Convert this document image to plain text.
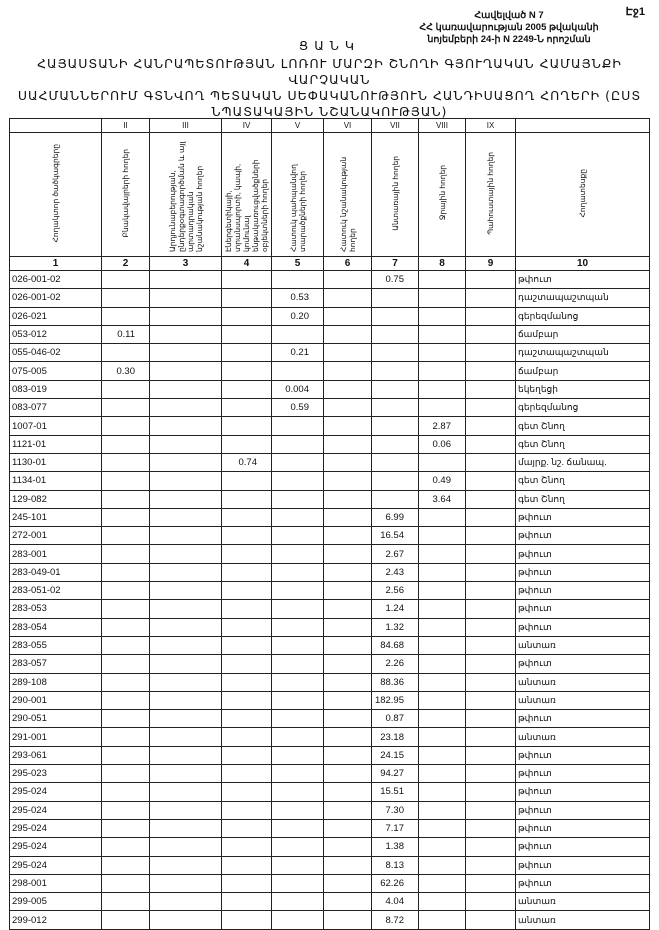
Էջ1
Հավելված N 7
ՀՀ կառավարության 2005 թվականի
նոյեմբերի 24-ի N 2249-Ն որոշման
ՑԱՆԿ
ՀԱՅԱՍՏԱՆԻ ՀԱՆՐԱՊԵՏՈՒԹՅԱՆ ԼՈՌՈՒ ՄԱՐԶԻ ՇՆՈՂԻ ԳՅՈՒՂԱԿԱՆ ՀԱՄԱՅՆՔԻ ՎԱՐՉԱԿԱՆ
ՍԱՀՄԱՆՆԵՐՈՒՄ ԳՏՆՎՈՂ ՊԵՏԱԿԱՆ ՍԵՓԱԿԱՆՈՒԹՅՈՒՆ ՀԱՆԴԻՍԱՑՈՂ ՀՈՂԵՐԻ (ԸՍՏ
ՆՊԱՏԱԿԱՅԻՆ ՆՇԱՆԱԿՈՒԹՅԱՆ)
	II	III	IV	V	VI	VII	VIII	IX	
Հողակտոր ծածկագրերը	Բնակավայրերի հողեր	Արդյունաբերության, ընդերքօգտագործման և այլ արտադրական նշանակության հողեր	Էներգետիկայի, տրանսպորտի, կապի, կոմունալ ենթակառուցվածքների օբյեկտների հողեր	Հատուկ պահպանվող տարածքների հողեր	Հատուկ նշանակության հողեր	Անտառային հողեր	Ջրային հողեր	Պահուստային հողեր	Հողատեսքը
1	2	3	4	5	6	7	8	9	10
026-001-02						0.75			թփուտ
026-001-02				0.53					դաշտապաշտպան
026-021				0.20					գերեզմանոց
053-012	0.11								ճամբար
055-046-02				0.21					դաշտապաշտպան
075-005	0.30								ճամբար
083-019				0.004					եկեղեցի
083-077				0.59					գերեզմանոց
1007-01							2.87		գետ Շնող
1121-01							0.06		գետ Շնող
1130-01			0.74						մայրք. նշ. ճանապ.
1134-01							0.49		գետ Շնող
129-082							3.64		գետ Շնող
245-101						6.99			թփուտ
272-001						16.54			թփուտ
283-001						2.67			թփուտ
283-049-01						2.43			թփուտ
283-051-02						2.56			թփուտ
283-053						1.24			թփուտ
283-054						1.32			թփուտ
283-055						84.68			անտառ
283-057						2.26			թփուտ
289-108						88.36			անտառ
290-001						182.95			անտառ
290-051						0.87			թփուտ
291-001						23.18			անտառ
293-061						24.15			թփուտ
295-023						94.27			թփուտ
295-024						15.51			թփուտ
295-024						7.30			թփուտ
295-024						7.17			թփուտ
295-024						1.38			թփուտ
295-024						8.13			թփուտ
298-001						62.26			թփուտ
299-005						4.04			անտառ
299-012						8.72			անտառ
